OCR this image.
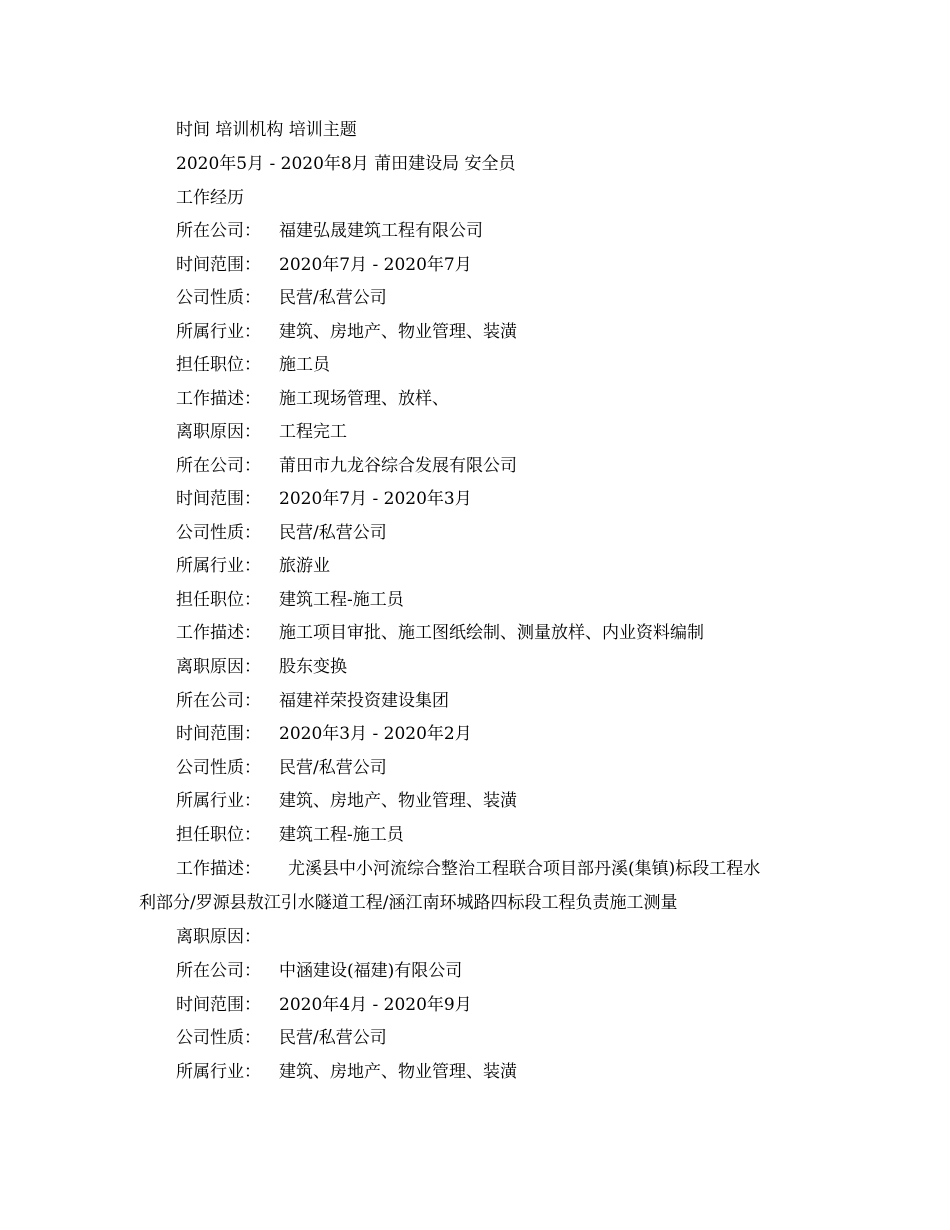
时间 培训机构 培训主题
2020年5月 - 2020年8月 莆田建设局 安全员
工作经历
所在公司： 福建弘晟建筑工程有限公司
时间范围： 2020年7月 - 2020年7月
公司性质： 民营/私营公司
所属行业： 建筑、房地产、物业管理、装潢
担任职位： 施工员
工作描述： 施工现场管理、放样、
离职原因： 工程完工
所在公司： 莆田市九龙谷综合发展有限公司
时间范围： 2020年7月 - 2020年3月
公司性质： 民营/私营公司
所属行业： 旅游业
担任职位： 建筑工程-施工员
工作描述： 施工项目审批、施工图纸绘制、测量放样、内业资料编制
离职原因： 股东变换
所在公司： 福建祥荣投资建设集团
时间范围： 2020年3月 - 2020年2月
公司性质： 民营/私营公司
所属行业： 建筑、房地产、物业管理、装潢
担任职位： 建筑工程-施工员
工作描述： 尤溪县中小河流综合整治工程联合项目部丹溪(集镇)标段工程水
利部分/罗源县敖江引水隧道工程/涵江南环城路四标段工程负责施工测量
离职原因：
所在公司： 中涵建设(福建)有限公司
时间范围： 2020年4月 - 2020年9月
公司性质： 民营/私营公司
所属行业： 建筑、房地产、物业管理、装潢
